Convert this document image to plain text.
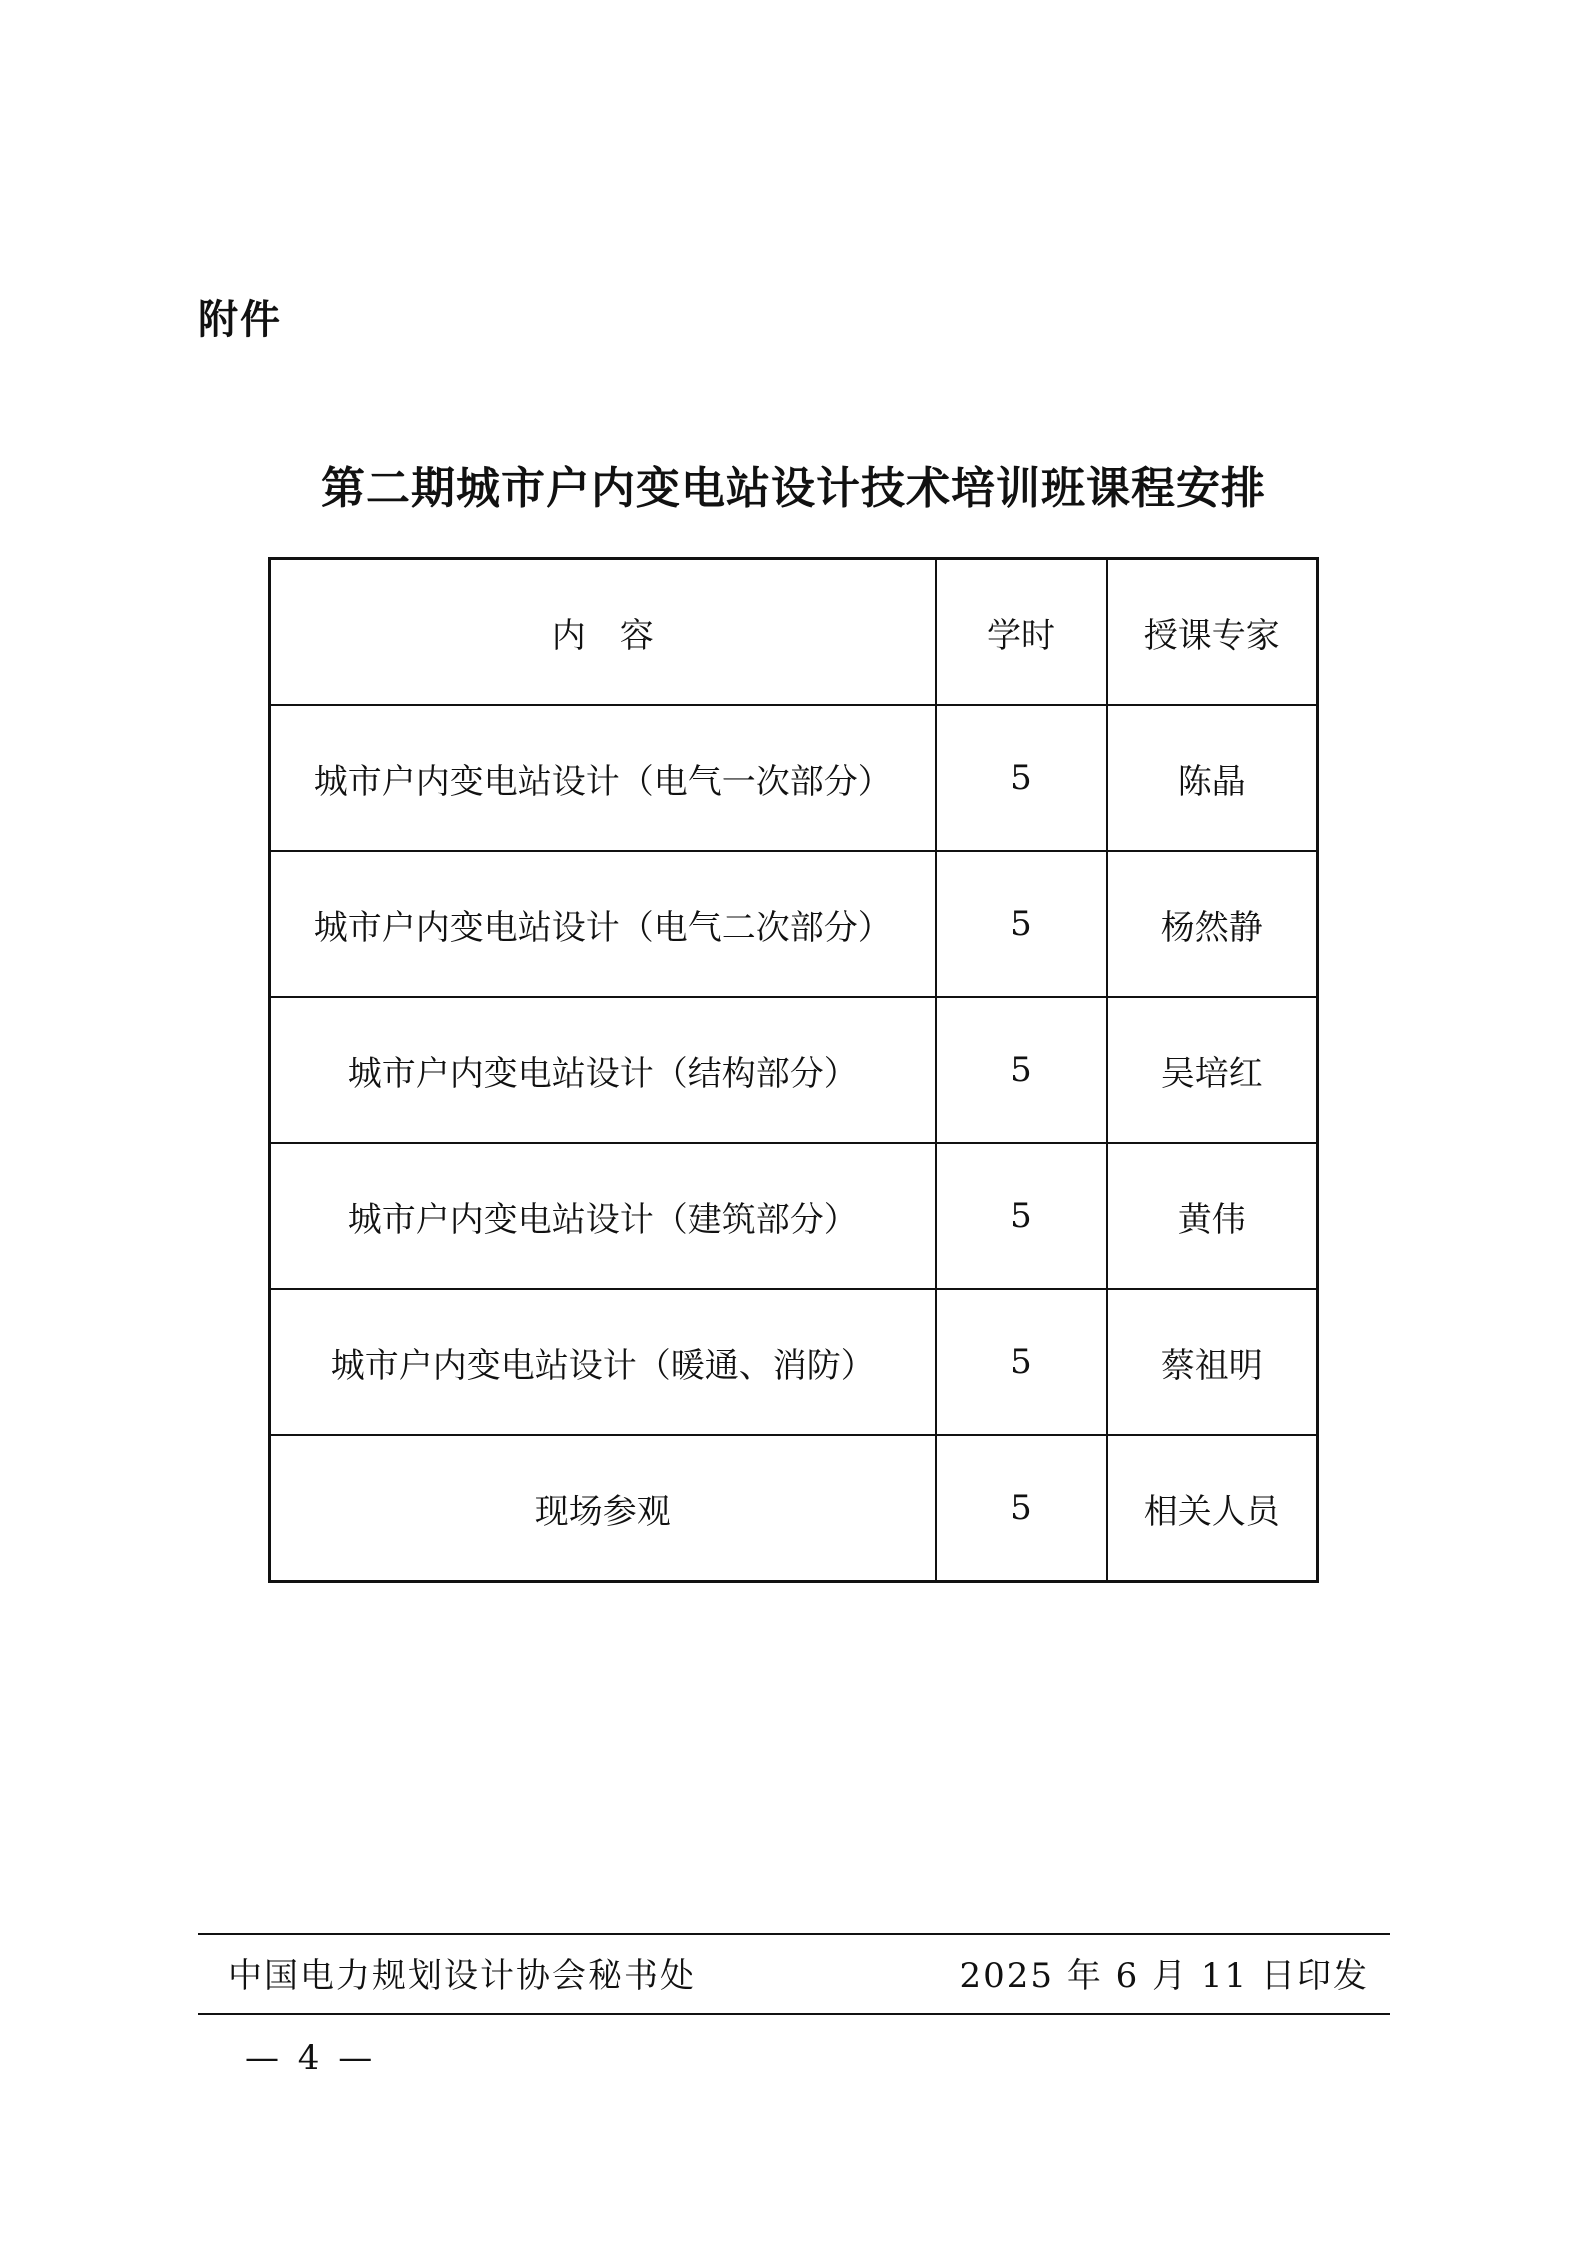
附件
第二期城市户内变电站设计技术培训班课程安排
内　容	学时	授课专家
城市户内变电站设计（电气一次部分）	5	陈晶
城市户内变电站设计（电气二次部分）	5	杨然静
城市户内变电站设计（结构部分）	5	吴培红
城市户内变电站设计（建筑部分）	5	黄伟
城市户内变电站设计（暖通、消防）	5	蔡祖明
现场参观	5	相关人员
中国电力规划设计协会秘书处	2025 年 6 月 11 日印发
— 4 —
